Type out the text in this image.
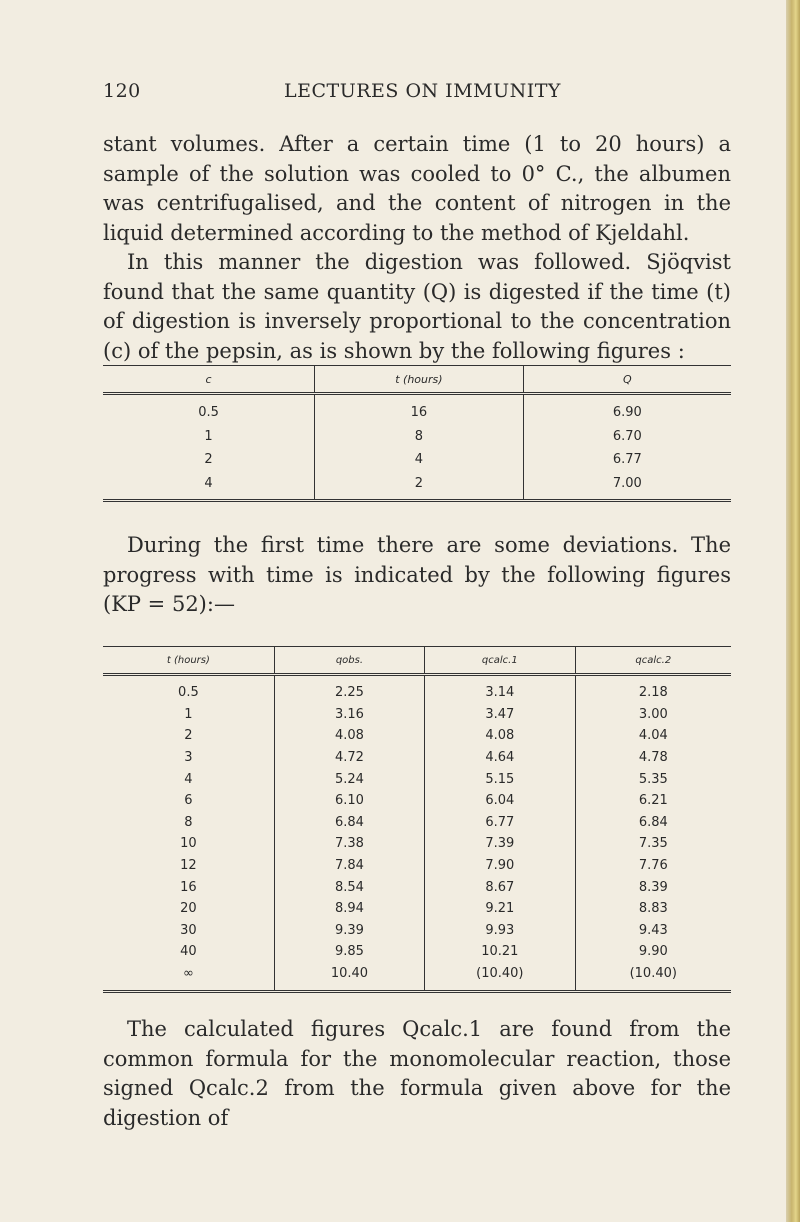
120	LECTURES ON IMMUNITY

stant volumes. After a certain time (1 to 20 hours) a sample of the solution was cooled to 0° C., the albumen was centrifugalised, and the content of nitrogen in the liquid determined according to the method of Kjeldahl.

In this manner the digestion was followed. Sjöqvist found that the same quantity (Q) is digested if the time (t) of digestion is inversely proportional to the concentration (c) of the pepsin, as is shown by the following figures :

c	t (hours)	Q
0.5	16	6.90
1	8	6.70
2	4	6.77
4	2	7.00

During the first time there are some deviations. The progress with time is indicated by the following figures (KP = 52):—

t (hours)	qobs.	qcalc.1	qcalc.2
0.5	2.25	3.14	2.18
1	3.16	3.47	3.00
2	4.08	4.08	4.04
3	4.72	4.64	4.78
4	5.24	5.15	5.35
6	6.10	6.04	6.21
8	6.84	6.77	6.84
10	7.38	7.39	7.35
12	7.84	7.90	7.76
16	8.54	8.67	8.39
20	8.94	9.21	8.83
30	9.39	9.93	9.43
40	9.85	10.21	9.90
∞	10.40	(10.40)	(10.40)

The calculated figures Qcalc.1 are found from the common formula for the monomolecular reaction, those signed Qcalc.2 from the formula given above for the digestion of
